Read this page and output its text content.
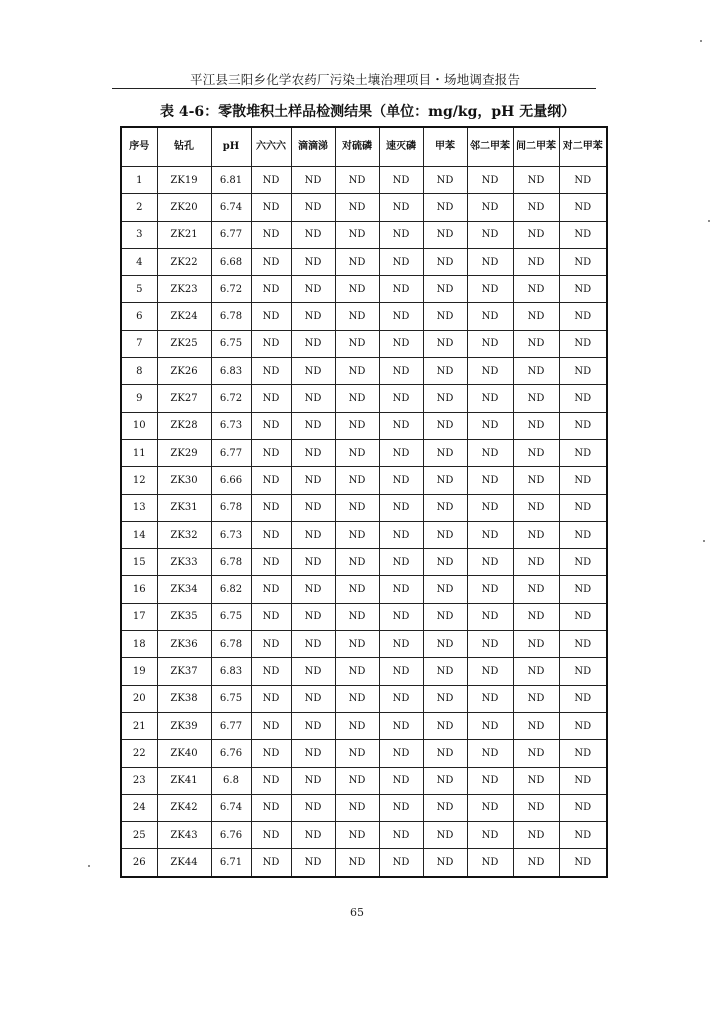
平江县三阳乡化学农药厂污染土壤治理项目・场地调查报告
表 4-6：零散堆积土样品检测结果（单位：mg/kg，pH 无量纲）
序号	钻孔	pH	六六六	滴滴涕	对硫磷	速灭磷	甲苯	邻二甲苯	间二甲苯	对二甲苯
1	ZK19	6.81	ND	ND	ND	ND	ND	ND	ND	ND
2	ZK20	6.74	ND	ND	ND	ND	ND	ND	ND	ND
3	ZK21	6.77	ND	ND	ND	ND	ND	ND	ND	ND
4	ZK22	6.68	ND	ND	ND	ND	ND	ND	ND	ND
5	ZK23	6.72	ND	ND	ND	ND	ND	ND	ND	ND
6	ZK24	6.78	ND	ND	ND	ND	ND	ND	ND	ND
7	ZK25	6.75	ND	ND	ND	ND	ND	ND	ND	ND
8	ZK26	6.83	ND	ND	ND	ND	ND	ND	ND	ND
9	ZK27	6.72	ND	ND	ND	ND	ND	ND	ND	ND
10	ZK28	6.73	ND	ND	ND	ND	ND	ND	ND	ND
11	ZK29	6.77	ND	ND	ND	ND	ND	ND	ND	ND
12	ZK30	6.66	ND	ND	ND	ND	ND	ND	ND	ND
13	ZK31	6.78	ND	ND	ND	ND	ND	ND	ND	ND
14	ZK32	6.73	ND	ND	ND	ND	ND	ND	ND	ND
15	ZK33	6.78	ND	ND	ND	ND	ND	ND	ND	ND
16	ZK34	6.82	ND	ND	ND	ND	ND	ND	ND	ND
17	ZK35	6.75	ND	ND	ND	ND	ND	ND	ND	ND
18	ZK36	6.78	ND	ND	ND	ND	ND	ND	ND	ND
19	ZK37	6.83	ND	ND	ND	ND	ND	ND	ND	ND
20	ZK38	6.75	ND	ND	ND	ND	ND	ND	ND	ND
21	ZK39	6.77	ND	ND	ND	ND	ND	ND	ND	ND
22	ZK40	6.76	ND	ND	ND	ND	ND	ND	ND	ND
23	ZK41	6.8	ND	ND	ND	ND	ND	ND	ND	ND
24	ZK42	6.74	ND	ND	ND	ND	ND	ND	ND	ND
25	ZK43	6.76	ND	ND	ND	ND	ND	ND	ND	ND
26	ZK44	6.71	ND	ND	ND	ND	ND	ND	ND	ND
65
